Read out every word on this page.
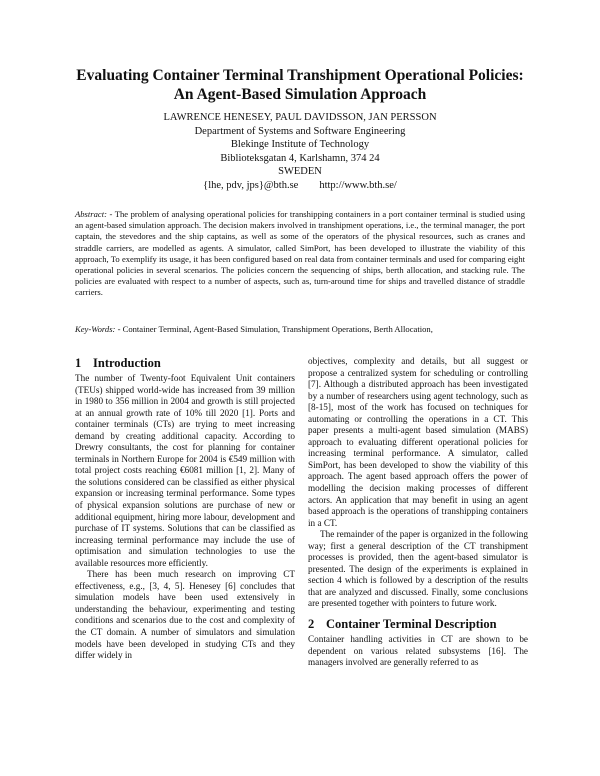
Evaluating Container Terminal Transhipment Operational Policies:
An Agent-Based Simulation Approach
LAWRENCE HENESEY, PAUL DAVIDSSON, JAN PERSSON
Department of Systems and Software Engineering
Blekinge Institute of Technology
Biblioteksgatan 4, Karlshamn, 374 24
SWEDEN
{lhe, pdv, jps}@bth.se        http://www.bth.se/
Abstract: - The problem of analysing operational policies for transhipping containers in a port container terminal is studied using an agent-based simulation approach. The decision makers involved in transhipment operations, i.e., the terminal manager, the port captain, the stevedores and the ship captains, as well as some of the operators of the physical resources, such as cranes and straddle carriers, are modelled as agents. A simulator, called SimPort, has been developed to illustrate the viability of this approach, To exemplify its usage, it has been configured based on real data from container terminals and used for comparing eight operational policies in several scenarios. The policies concern the sequencing of ships, berth allocation, and stacking rule. The policies are evaluated with respect to a number of aspects, such as, turn-around time for ships and travelled distance of straddle carriers.
Key-Words: - Container Terminal, Agent-Based Simulation, Transhipment Operations, Berth Allocation,
1 Introduction

The number of Twenty-foot Equivalent Unit containers (TEUs) shipped world-wide has increased from 39 million in 1980 to 356 million in 2004 and growth is still projected at an annual growth rate of 10% till 2020 [1]. Ports and container terminals (CTs) are trying to meet increasing demand by creating additional capacity. According to Drewry consultants, the cost for planning for container terminals in Northern Europe for 2004 is €549 million with total project costs reaching €6081 million [1, 2]. Many of the solutions considered can be classified as either physical expansion or increasing terminal performance. Some types of physical expansion solutions are purchase of new or additional equipment, hiring more labour, development and purchase of IT systems. Solutions that can be classified as increasing terminal performance may include the use of optimisation and simulation technologies to use the available resources more efficiently.

There has been much research on improving CT effectiveness, e.g., [3, 4, 5]. Henesey [6] concludes that simulation models have been used extensively in understanding the behaviour, experimenting and testing conditions and scenarios due to the cost and complexity of the CT domain. A number of simulators and simulation models have been developed in studying CTs and they differ widely in

objectives, complexity and details, but all suggest or propose a centralized system for scheduling or controlling [7]. Although a distributed approach has been investigated by a number of researchers using agent technology, such as [8-15], most of the work has focused on techniques for automating or controlling the operations in a CT. This paper presents a multi-agent based simulation (MABS) approach to evaluating different operational policies for increasing terminal performance. A simulator, called SimPort, has been developed to show the viability of this approach. The agent based approach offers the power of modelling the decision making processes of different actors. An application that may benefit in using an agent based approach is the operations of transhipping containers in a CT.

The remainder of the paper is organized in the following way; first a general description of the CT transhipment processes is provided, then the agent-based simulator is presented. The design of the experiments is explained in section 4 which is followed by a description of the results that are analyzed and discussed. Finally, some conclusions are presented together with pointers to future work.

2 Container Terminal Description

Container handling activities in CT are shown to be dependent on various related subsystems [16]. The managers involved are generally referred to as
